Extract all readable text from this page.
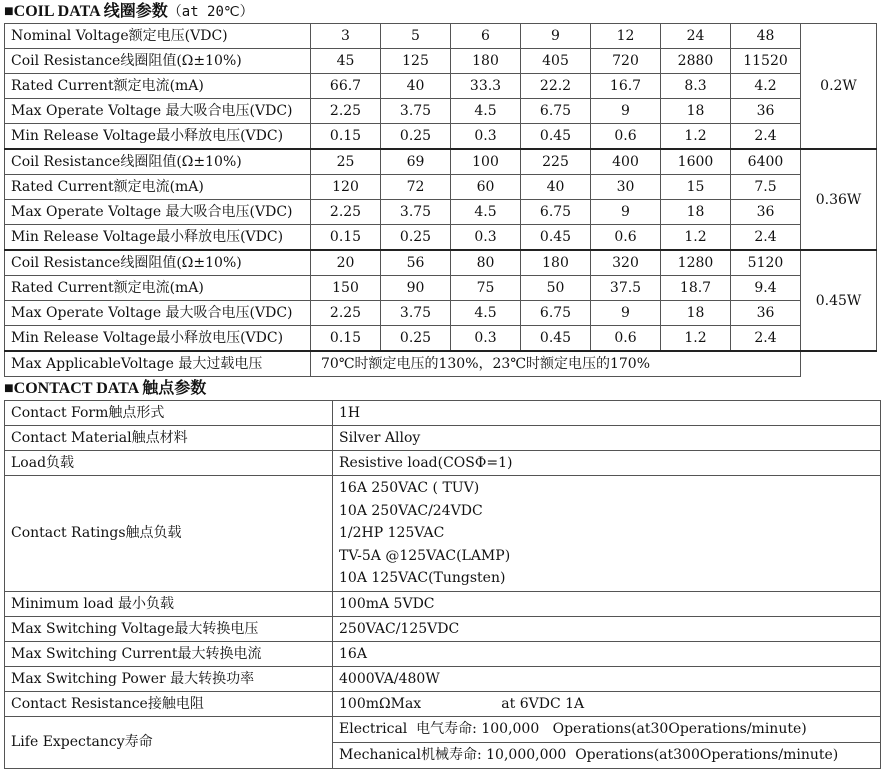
■COIL DATA 线圈参数（at 20℃）
Nominal Voltage额定电压(VDC)	3	5	6	9	12	24	48	0.2W
Coil Resistance线圈阻值(Ω±10%)	45	125	180	405	720	2880	11520	
Rated Current额定电流(mA)	66.7	40	33.3	22.2	16.7	8.3	4.2	
Max Operate Voltage 最大吸合电压(VDC)	2.25	3.75	4.5	6.75	9	18	36	
Min Release Voltage最小释放电压(VDC)	0.15	0.25	0.3	0.45	0.6	1.2	2.4	
Coil Resistance线圈阻值(Ω±10%)	25	69	100	225	400	1600	6400	0.36W
Rated Current额定电流(mA)	120	72	60	40	30	15	7.5	
Max Operate Voltage 最大吸合电压(VDC)	2.25	3.75	4.5	6.75	9	18	36	
Min Release Voltage最小释放电压(VDC)	0.15	0.25	0.3	0.45	0.6	1.2	2.4	
Coil Resistance线圈阻值(Ω±10%)	20	56	80	180	320	1280	5120	0.45W
Rated Current额定电流(mA)	150	90	75	50	37.5	18.7	9.4	
Max Operate Voltage 最大吸合电压(VDC)	2.25	3.75	4.5	6.75	9	18	36	
Min Release Voltage最小释放电压(VDC)	0.15	0.25	0.3	0.45	0.6	1.2	2.4	
Max ApplicableVoltage 最大过载电压	70℃时额定电压的130%，23℃时额定电压的170%							
■CONTACT DATA 触点参数
Contact Form触点形式	1H
Contact Material触点材料	Silver Alloy
Load负载	Resistive load(COSΦ=1)
Contact Ratings触点负载	16A 250VAC ( TUV)
10A 250VAC/24VDC
1/2HP 125VAC
TV-5A @125VAC(LAMP)
10A 125VAC(Tungsten)

Minimum load 最小负载	100mA 5VDC
Max Switching Voltage最大转换电压	250VAC/125VDC
Max Switching Current最大转换电流	16A
Max Switching Power 最大转换功率	4000VA/480W
Contact Resistance接触电阻	100mΩMax                  at 6VDC 1A
Life Expectancy寿命	Electrical  电气寿命: 100,000   Operations(at30Operations/minute)
Mechanical机械寿命: 10,000,000  Operations(at300Operations/minute)
